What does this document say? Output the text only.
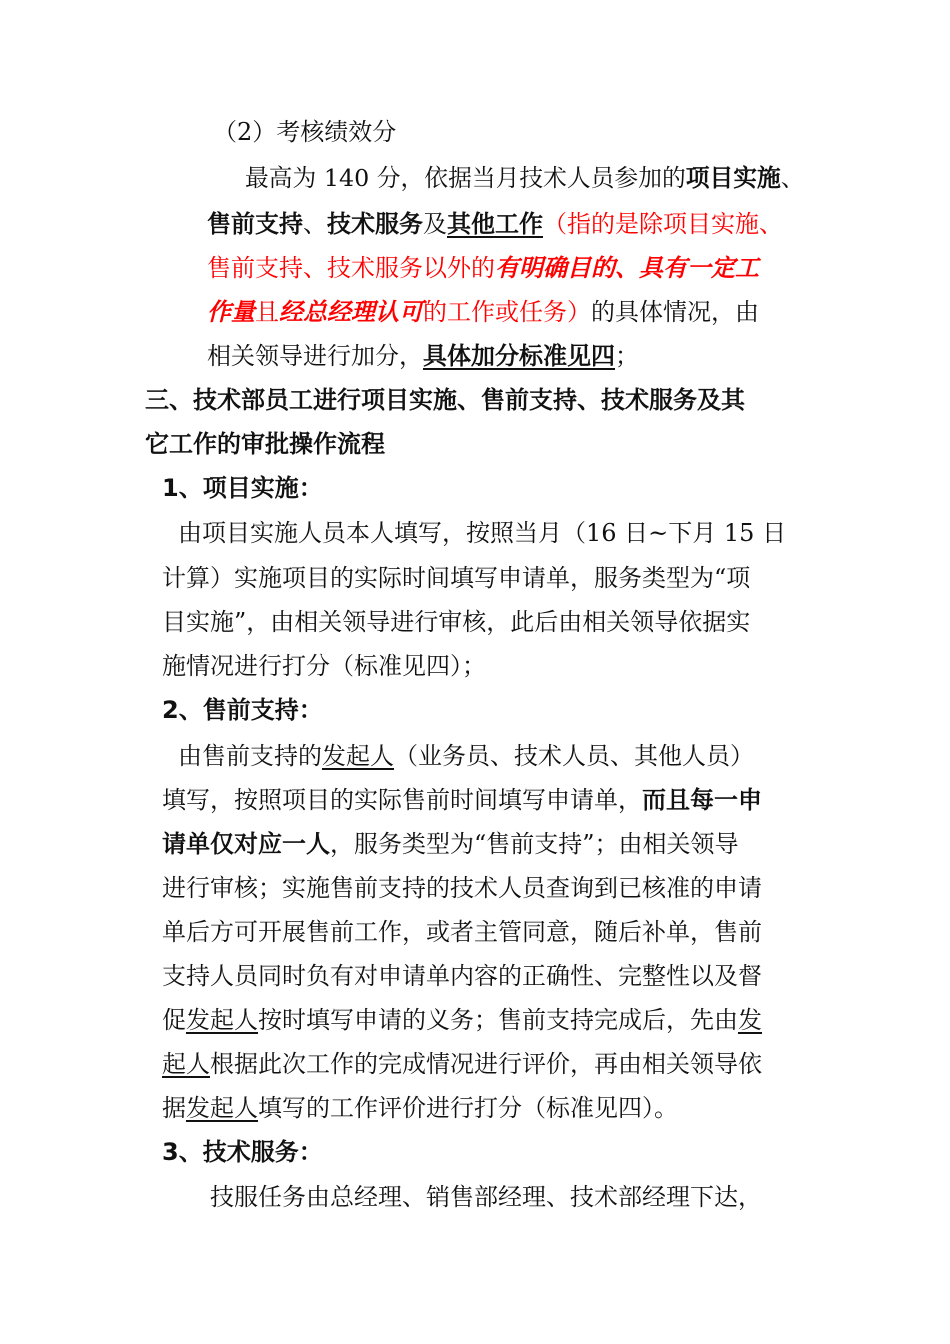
（2）考核绩效分
最高为 140 分，依据当月技术人员参加的项目实施、
售前支持、技术服务及其他工作（指的是除项目实施、
售前支持、技术服务以外的有明确目的、具有一定工
作量且经总经理认可的工作或任务）的具体情况，由
相关领导进行加分，具体加分标准见四；
三、技术部员工进行项目实施、售前支持、技术服务及其
它工作的审批操作流程
1、项目实施：
由项目实施人员本人填写，按照当月（16 日~下月 15 日
计算）实施项目的实际时间填写申请单，服务类型为“项
目实施”，由相关领导进行审核，此后由相关领导依据实
施情况进行打分（标准见四）；
2、售前支持：
由售前支持的发起人（业务员、技术人员、其他人员）
填写，按照项目的实际售前时间填写申请单，而且每一申
请单仅对应一人，服务类型为“售前支持”；由相关领导
进行审核；实施售前支持的技术人员查询到已核准的申请
单后方可开展售前工作，或者主管同意，随后补单，售前
支持人员同时负有对申请单内容的正确性、完整性以及督
促发起人按时填写申请的义务；售前支持完成后，先由发
起人根据此次工作的完成情况进行评价，再由相关领导依
据发起人填写的工作评价进行打分（标准见四）。
3、技术服务：
技服任务由总经理、销售部经理、技术部经理下达，
